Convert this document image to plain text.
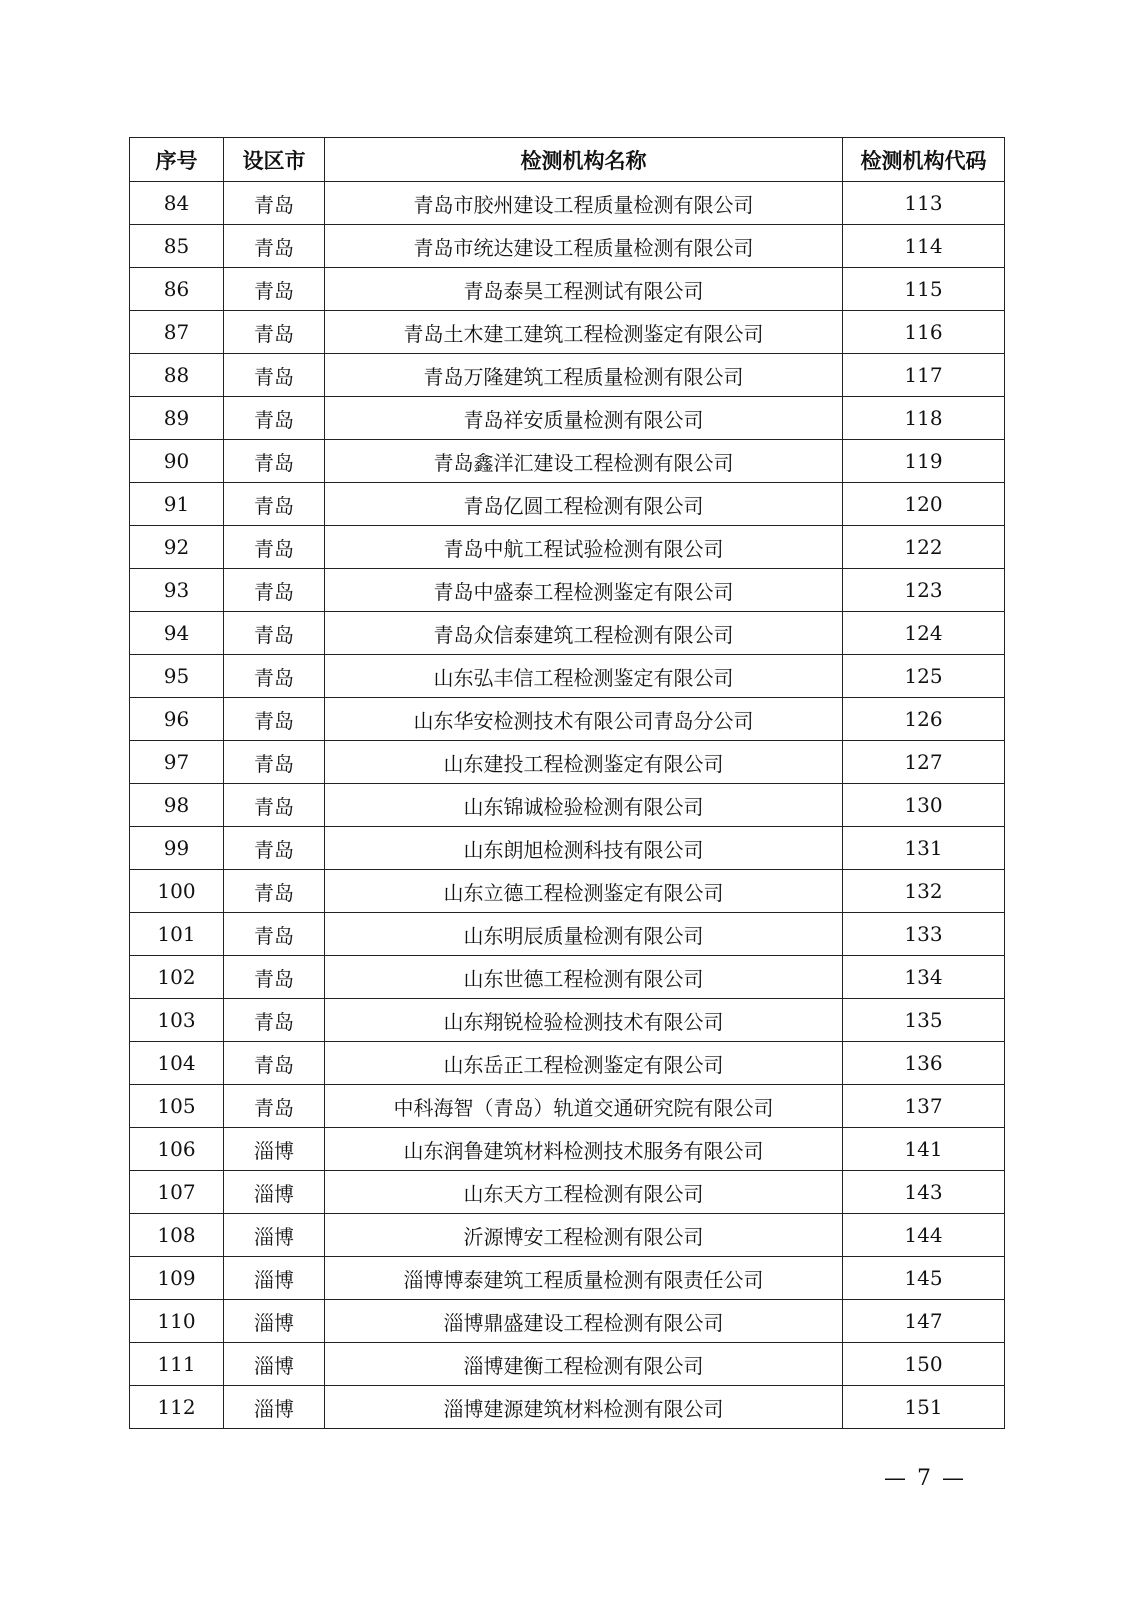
序号	设区市	检测机构名称	检测机构代码
84	青岛	青岛市胶州建设工程质量检测有限公司	113
85	青岛	青岛市统达建设工程质量检测有限公司	114
86	青岛	青岛泰昊工程测试有限公司	115
87	青岛	青岛土木建工建筑工程检测鉴定有限公司	116
88	青岛	青岛万隆建筑工程质量检测有限公司	117
89	青岛	青岛祥安质量检测有限公司	118
90	青岛	青岛鑫洋汇建设工程检测有限公司	119
91	青岛	青岛亿圆工程检测有限公司	120
92	青岛	青岛中航工程试验检测有限公司	122
93	青岛	青岛中盛泰工程检测鉴定有限公司	123
94	青岛	青岛众信泰建筑工程检测有限公司	124
95	青岛	山东弘丰信工程检测鉴定有限公司	125
96	青岛	山东华安检测技术有限公司青岛分公司	126
97	青岛	山东建投工程检测鉴定有限公司	127
98	青岛	山东锦诚检验检测有限公司	130
99	青岛	山东朗旭检测科技有限公司	131
100	青岛	山东立德工程检测鉴定有限公司	132
101	青岛	山东明辰质量检测有限公司	133
102	青岛	山东世德工程检测有限公司	134
103	青岛	山东翔锐检验检测技术有限公司	135
104	青岛	山东岳正工程检测鉴定有限公司	136
105	青岛	中科海智（青岛）轨道交通研究院有限公司	137
106	淄博	山东润鲁建筑材料检测技术服务有限公司	141
107	淄博	山东天方工程检测有限公司	143
108	淄博	沂源博安工程检测有限公司	144
109	淄博	淄博博泰建筑工程质量检测有限责任公司	145
110	淄博	淄博鼎盛建设工程检测有限公司	147
111	淄博	淄博建衡工程检测有限公司	150
112	淄博	淄博建源建筑材料检测有限公司	151
— 7 —
